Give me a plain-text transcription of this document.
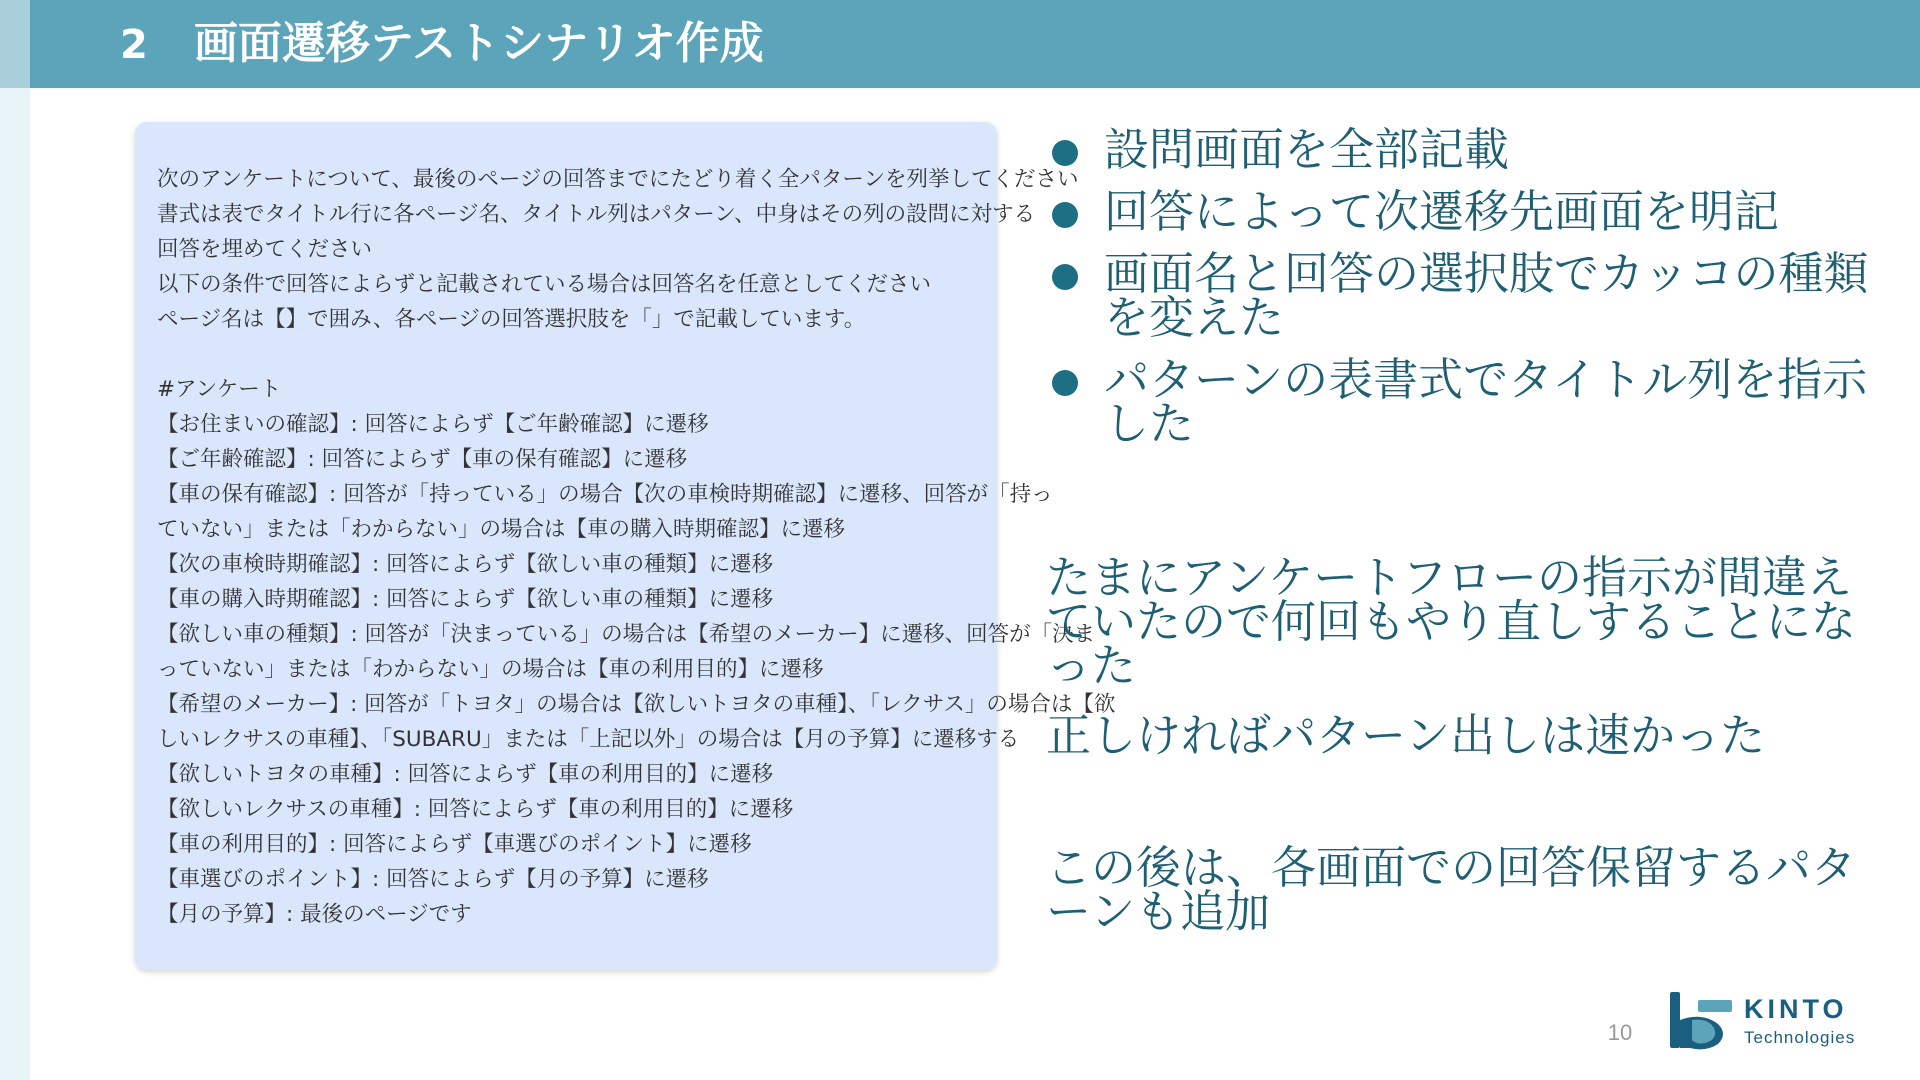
2 画面遷移テストシナリオ作成
次のアンケートについて、最後のページの回答までにたどり着く全パターンを列挙してください
書式は表でタイトル行に各ページ名、タイトル列はパターン、中身はその列の設問に対する
回答を埋めてください
以下の条件で回答によらずと記載されている場合は回答名を任意としてください
ページ名は【】で囲み、各ページの回答選択肢を「」で記載しています。
#アンケート
【お住まいの確認】: 回答によらず【ご年齢確認】に遷移
【ご年齢確認】: 回答によらず【車の保有確認】に遷移
【車の保有確認】: 回答が「持っている」の場合【次の車検時期確認】に遷移、回答が「持っ
ていない」または「わからない」の場合は【車の購入時期確認】に遷移
【次の車検時期確認】: 回答によらず【欲しい車の種類】に遷移
【車の購入時期確認】: 回答によらず【欲しい車の種類】に遷移
【欲しい車の種類】: 回答が「決まっている」の場合は【希望のメーカー】に遷移、回答が「決ま
っていない」または「わからない」の場合は【車の利用目的】に遷移
【希望のメーカー】: 回答が「トヨタ」の場合は【欲しいトヨタの車種】、「レクサス」の場合は【欲
しいレクサスの車種】、「SUBARU」または「上記以外」の場合は【月の予算】に遷移する
【欲しいトヨタの車種】: 回答によらず【車の利用目的】に遷移
【欲しいレクサスの車種】: 回答によらず【車の利用目的】に遷移
【車の利用目的】: 回答によらず【車選びのポイント】に遷移
【車選びのポイント】: 回答によらず【月の予算】に遷移
【月の予算】: 最後のページです
設問画面を全部記載
回答によって次遷移先画面を明記
画面名と回答の選択肢でカッコの種類を変えた
パターンの表書式でタイトル列を指示した
たまにアンケートフローの指示が間違えていたので何回もやり直しすることになった
正しければパターン出しは速かった
この後は、各画面での回答保留するパターンも追加
10
KINTO
Technologies
